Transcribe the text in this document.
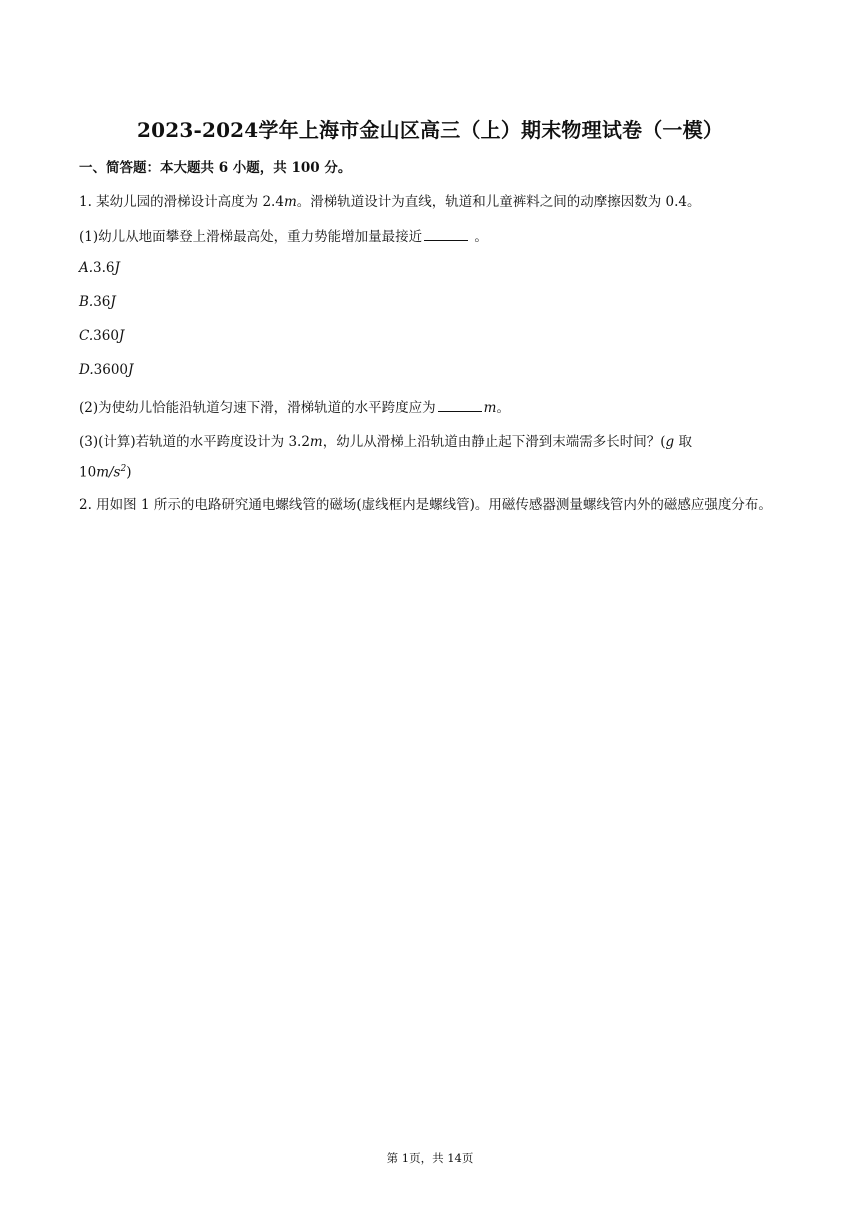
2023-2024学年上海市金山区高三（上）期末物理试卷（一模）
一、简答题：本大题共 6 小题，共 100 分。
1. 某幼儿园的滑梯设计高度为 2.4m。滑梯轨道设计为直线，轨道和儿童裤料之间的动摩擦因数为 0.4。
(1)幼儿从地面攀登上滑梯最高处，重力势能增加量最接近	。
A.3.6J
B.36J
C.360J
D.3600J
(2)为使幼儿恰能沿轨道匀速下滑，滑梯轨道的水平跨度应为	m。
(3)(计算)若轨道的水平跨度设计为 3.2m，幼儿从滑梯上沿轨道由静止起下滑到末端需多长时间？(g 取
$10m/s^2$)
2. 用如图 1 所示的电路研究通电螺线管的磁场(虚线框内是螺线管)。用磁传感器测量螺线管内外的磁感应强度分布。
第 1页，共 14页
